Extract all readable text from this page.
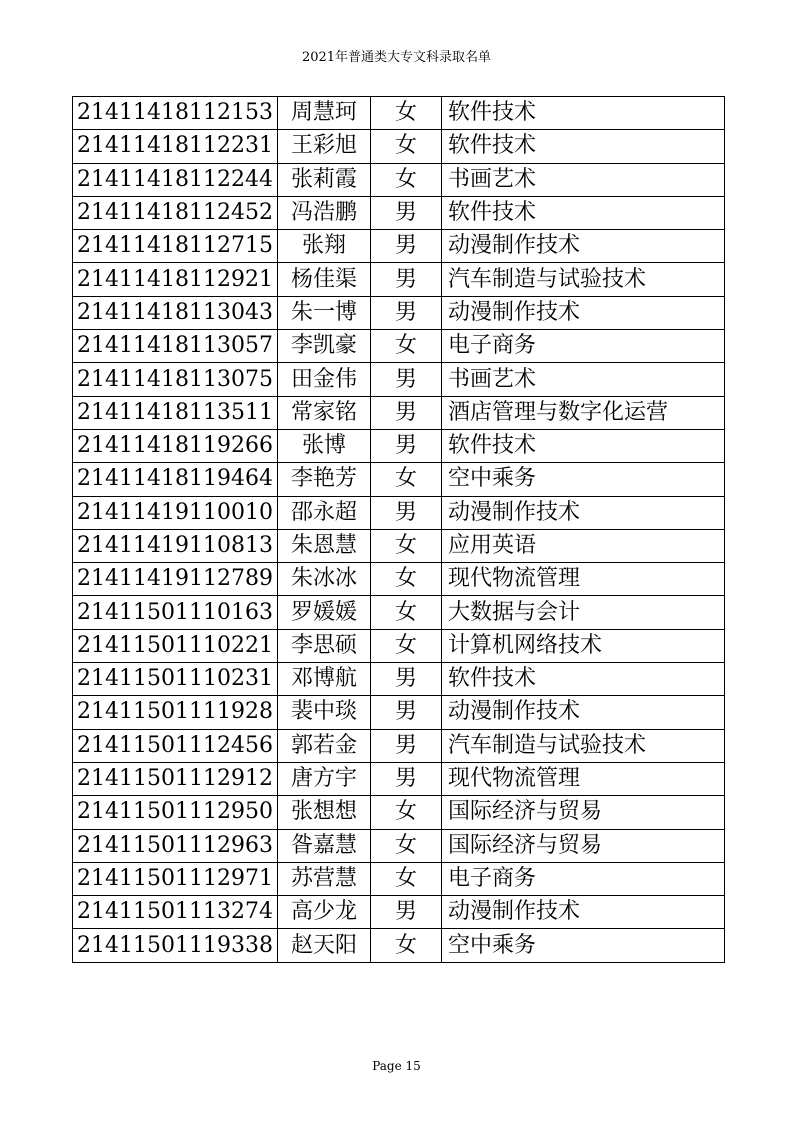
2021年普通类大专文科录取名单
21411418112153	周慧珂	女	软件技术
21411418112231	王彩旭	女	软件技术
21411418112244	张莉霞	女	书画艺术
21411418112452	冯浩鹏	男	软件技术
21411418112715	张翔	男	动漫制作技术
21411418112921	杨佳渠	男	汽车制造与试验技术
21411418113043	朱一博	男	动漫制作技术
21411418113057	李凯豪	女	电子商务
21411418113075	田金伟	男	书画艺术
21411418113511	常家铭	男	酒店管理与数字化运营
21411418119266	张博	男	软件技术
21411418119464	李艳芳	女	空中乘务
21411419110010	邵永超	男	动漫制作技术
21411419110813	朱恩慧	女	应用英语
21411419112789	朱冰冰	女	现代物流管理
21411501110163	罗媛媛	女	大数据与会计
21411501110221	李思硕	女	计算机网络技术
21411501110231	邓博航	男	软件技术
21411501111928	裴中琰	男	动漫制作技术
21411501112456	郭若金	男	汽车制造与试验技术
21411501112912	唐方宇	男	现代物流管理
21411501112950	张想想	女	国际经济与贸易
21411501112963	昝嘉慧	女	国际经济与贸易
21411501112971	苏营慧	女	电子商务
21411501113274	高少龙	男	动漫制作技术
21411501119338	赵天阳	女	空中乘务
Page 15
